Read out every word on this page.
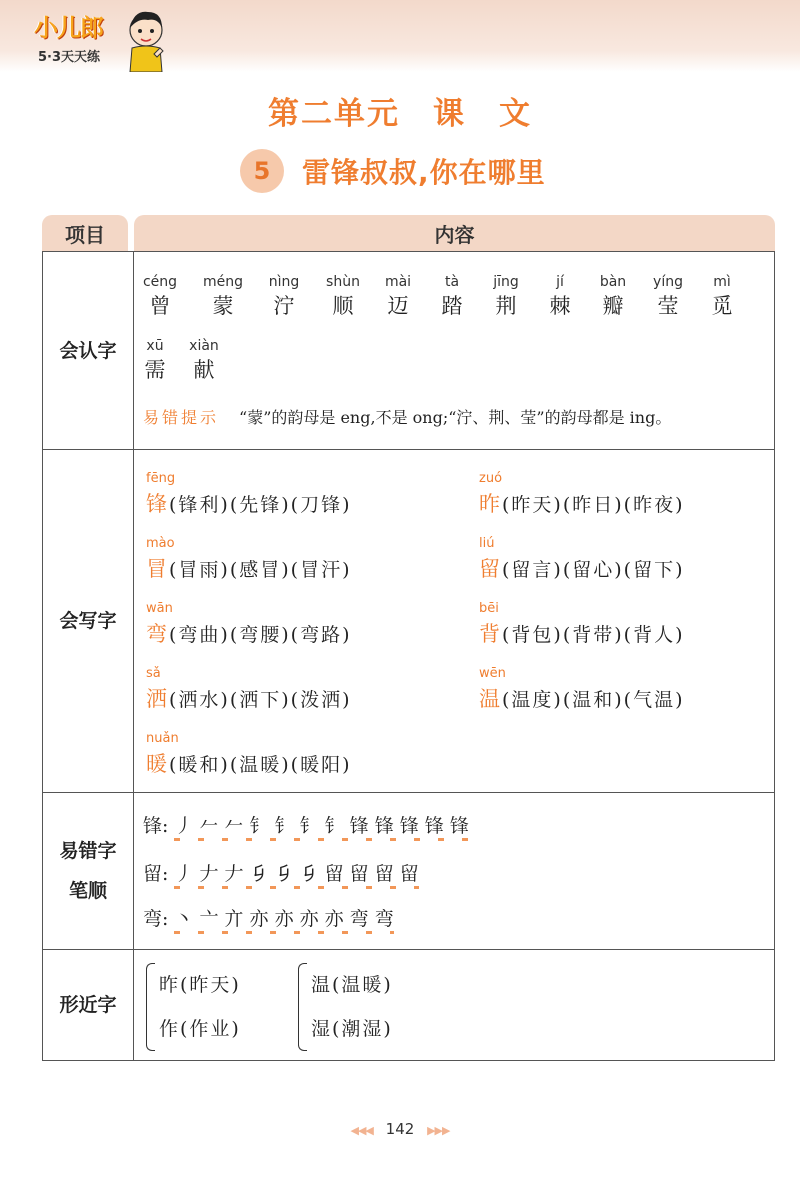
小儿郎
5·3天天练
第二单元　课　文
5	雷锋叔叔,你在哪里
项目	内容
会认字
céng
曾
méng
蒙
nìng
泞
shùn
顺
mài
迈
tà
踏
jīng
荆
jí
棘
bàn
瓣
yíng
莹
mì
觅
xū
需
xiàn
献
易错提示 “蒙”的韵母是 eng,不是 ong;“泞、荆、莹”的韵母都是 ing。
会写字
fēng
锋(锋利)(先锋)(刀锋)
zuó
昨(昨天)(昨日)(昨夜)
mào
冒(冒雨)(感冒)(冒汗)
liú
留(留言)(留心)(留下)
wān
弯(弯曲)(弯腰)(弯路)
bēi
背(背包)(背带)(背人)
sǎ
洒(洒水)(洒下)(泼洒)
wēn
温(温度)(温和)(气温)
nuǎn
暖(暖和)(温暖)(暖阳)
易错字
笔顺
锋: 丿 𠂉 𠂉 钅 钅 钅 钅 锋 锋 锋 锋 锋
留: 丿 𠂇 𠂇 𠂎 𠂎 𠂎 留 留 留 留
弯: 丶 亠 亣 亦 亦 亦 亦 弯 弯
形近字
昨(昨天)
作(作业)
温(温暖)
湿(潮湿)
◀◀◀ 142 ▶▶▶
